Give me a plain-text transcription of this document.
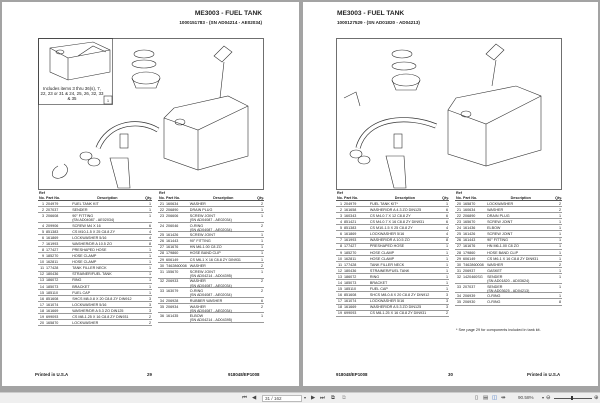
ME3003 - FUEL TANK
1000151783 - (SN AD04214 - AE02034)
1
Includes items 3 thru 36(s), 7, 22, 23 or 31 & 24, 25, 26, 32, 33 & 35
Ref
No. Part No.	Description	Qty.
1 204979	FUEL TANK KIT	1
2 207037	SENDER	1
3 206608	90° FITTING
(SN AD04087 - AE02034)
1
4 209906	SCREW M4 X 16	6
5 851383	CS M10-1.5 X 25 C8.8 ZY	4
6 161869	LOCKWASHER 5/16	4
7 161993	WASHER/DR A 10.5 ZO	8
8 177427	PRESHAPED HOSE	1
9 185270	HOSE CLAMP	1
10 162811	HOSE CLAMP	1
11 177428	TANK FILLER NECK	1
12 180436	STRAINER/FUEL TANK	1
13 186072	RING	1
14 185073	BRACKET	1
15 185110	FUEL CAP	1
16 851608	SHCS M8-0.8 X 20 C8.8 ZY DIN912	3
17 161074	LOCKWASHER 5/16	3
18 161669	WASHER/DR A 5.3 ZO DIN125	3
19 699093	CS M8-1.25 X 16 C8.8 ZY DIN931	2
20 165870	LOCKWASHER	2
Ref
No. Part No.	Description	Qty.
21 160634	WASHER	2
22 206890	DRAIN PLUG	1
23 206606	SCREW JOINT
(SN AD04087 - AE02034)
1
24 206046	O-RING
(SN AD04087 - AE02034)
2
25 161426	SCREW JOINT	1
26 161443	90° FITTING	1
27 161676	HN M6-1.00 C8 ZO	1
28 179860	HOSE BAND CLIP	1
29 606149	CS M6-1 X 16 C8.8 ZY DIN931	1
30 T462860008 WASHER	2
31 155670	SCREW JOINT
(SN AD04214 - AD04395)
1
32 206933	WASHER
(SN AD04087 - AE02034)
2
33 163079	O-RING
(SN AD04087 - AE02034)
2
34 206928	RUBBER WASHER	6
35 206934	WASHER
(SN AD04087 - AE02034)
2
36 161435	ELBOW
(SN AD04214 - AD04395)
1
Printed in U.S.A	29	918048/EP1008
ME3003 - FUEL TANK
1000127529 - (SN AD01820 - AD04213)
Ref
No. Part No.	Description	Qty.
1 204979	FUEL TANK KIT*	1
2 161658	WASHER/DR A 4.3 ZO DIN125	6
3 160343	CS M4-0.7 X 12 C8.8 ZY	6
4 851421	CS M4-0.7 X 16 C8.8 ZY DIN931	6
5 851383	CS M10-1.5 X 25 C8.8 ZY	4
6 161869	LOCKWASHER 5/16	4
7 161993	WASHER/DR A 10.5 ZO	8
8 177427	PRESHAPED HOSE	1
9 185270	HOSE CLAMP	1
10 162811	HOSE CLAMP	1
11 177428	TANK FILLER NECK	1
12 180436	STRAINER/FUEL TANK	1
13 186072	RING	1
14 185073	BRACKET	1
15 185110	FUEL CAP	1
16 851608	SHCS M8-0.8 X 20 C8.8 ZY DIN912	3
17 161074	LOCKWASHER 5/16	3
18 161669	WASHER/DR A 5.3 ZO DIN125	3
19 699093	CS M8-1.25 X 16 C8.8 ZY DIN931	2
Ref
No. Part No.	Description	Qty.
20 165870	LOCKWASHER	2
21 160634	WASHER	2
22 206890	DRAIN PLUG	1
23 165670	SCREW JOINT	1
24 161436	ELBOW	1
25 161426	SCREW JOINT	1
26 161443	90° FITTING	1
27 161676	HN M6-1.00 C8 ZO	1
28 179860	HOSE BAND CLIP	1
29 606149	CS M6-1 X 16 C8.8 ZY DIN931	1
30 T462860008 WASHER	2
31 206937	GASKET	1
32 1420460SG SENDER
(SN AD01820 - AD03624)
1
33 207037	SENDER
(SN AD03625 - AD04213)
1
34 206939	O-RING	1
35 206930	O-RING	8
* See page 29 for components included in tank kit.
918048/EP1008	30	Printed in U.S.A
⏮ ◀	31 / 162	▾ ▶ ⏭ ⧉ ⧉	▯ ▤ ◫ ⇹	90.58% ▾ ⊖	⊕
